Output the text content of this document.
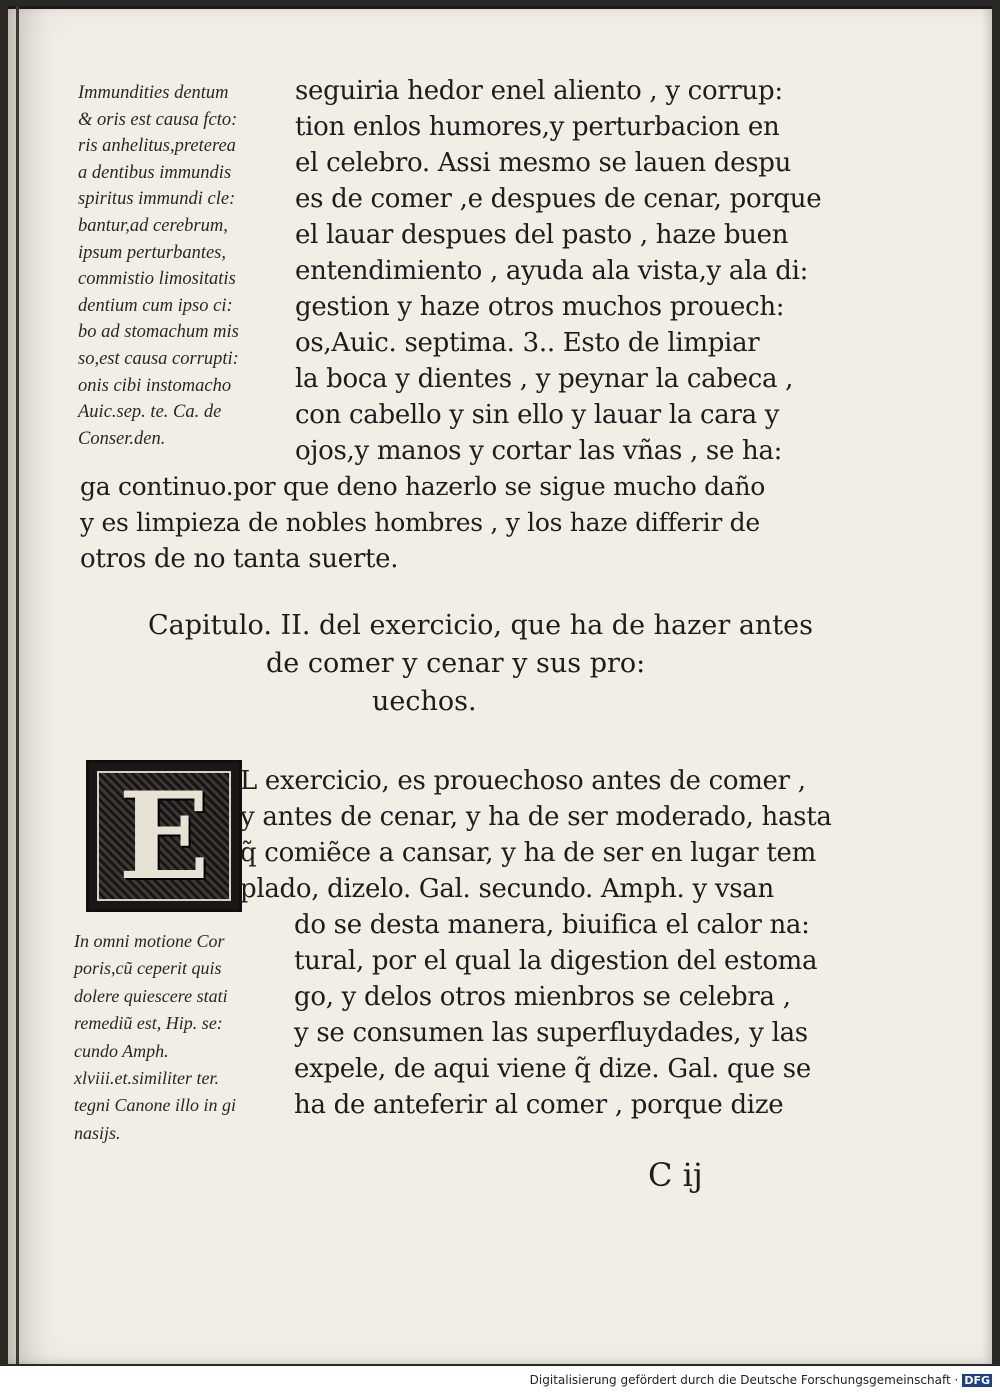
Immundities dentum
& oris est causa fcto:
ris anhelitus,preterea
a dentibus immundis
spiritus immundi cle:
bantur,ad cerebrum,
ipsum perturbantes,
commistio limositatis
dentium cum ipso ci:
bo ad stomachum mis
so,est causa corrupti:
onis cibi instomacho
Auic.sep. te. Ca. de
Conser.den.
seguiria hedor enel aliento , y corrup:
tion enlos humores,y perturbacion en
el celebro. Assi mesmo se lauen despu
es de comer ,e despues de cenar, porque
el lauar despues del pasto , haze buen
entendimiento , ayuda ala vista,y ala di:
gestion y haze otros muchos prouech:
os,Auic. septima. 3.. Esto de limpiar
la boca y dientes , y peynar la cabeca ,
con cabello y sin ello y lauar la cara y
ojos,y manos y cortar las vñas , se ha:
ga continuo.por que deno hazerlo se sigue mucho daño
y es limpieza de nobles hombres , y los haze differir de
otros de no tanta suerte.
Capitulo. II. del exercicio, que ha de hazer antes
de comer y cenar y sus pro:
uechos.
E	L exercicio, es prouechoso antes de comer ,
y antes de cenar, y ha de ser moderado, hasta
q̃ comiẽce a cansar, y ha de ser en lugar tem
plado, dizelo. Gal. secundo. Amph. y vsan
do se desta manera, biuifica el calor na:
tural, por el qual la digestion del estoma
go, y delos otros mienbros se celebra ,
y se consumen las superfluydades, y las
expele, de aqui viene q̃ dize. Gal. que se
ha de anteferir al comer , porque dize
In omni motione Cor
poris,cũ ceperit quis
dolere quiescere stati
remediũ est, Hip. se:
cundo Amph.
xlviii.et.similiter ter.
tegni Canone illo in gi
nasijs.
C ij
Digitalisierung gefördert durch die Deutsche Forschungsgemeinschaft · DFG
